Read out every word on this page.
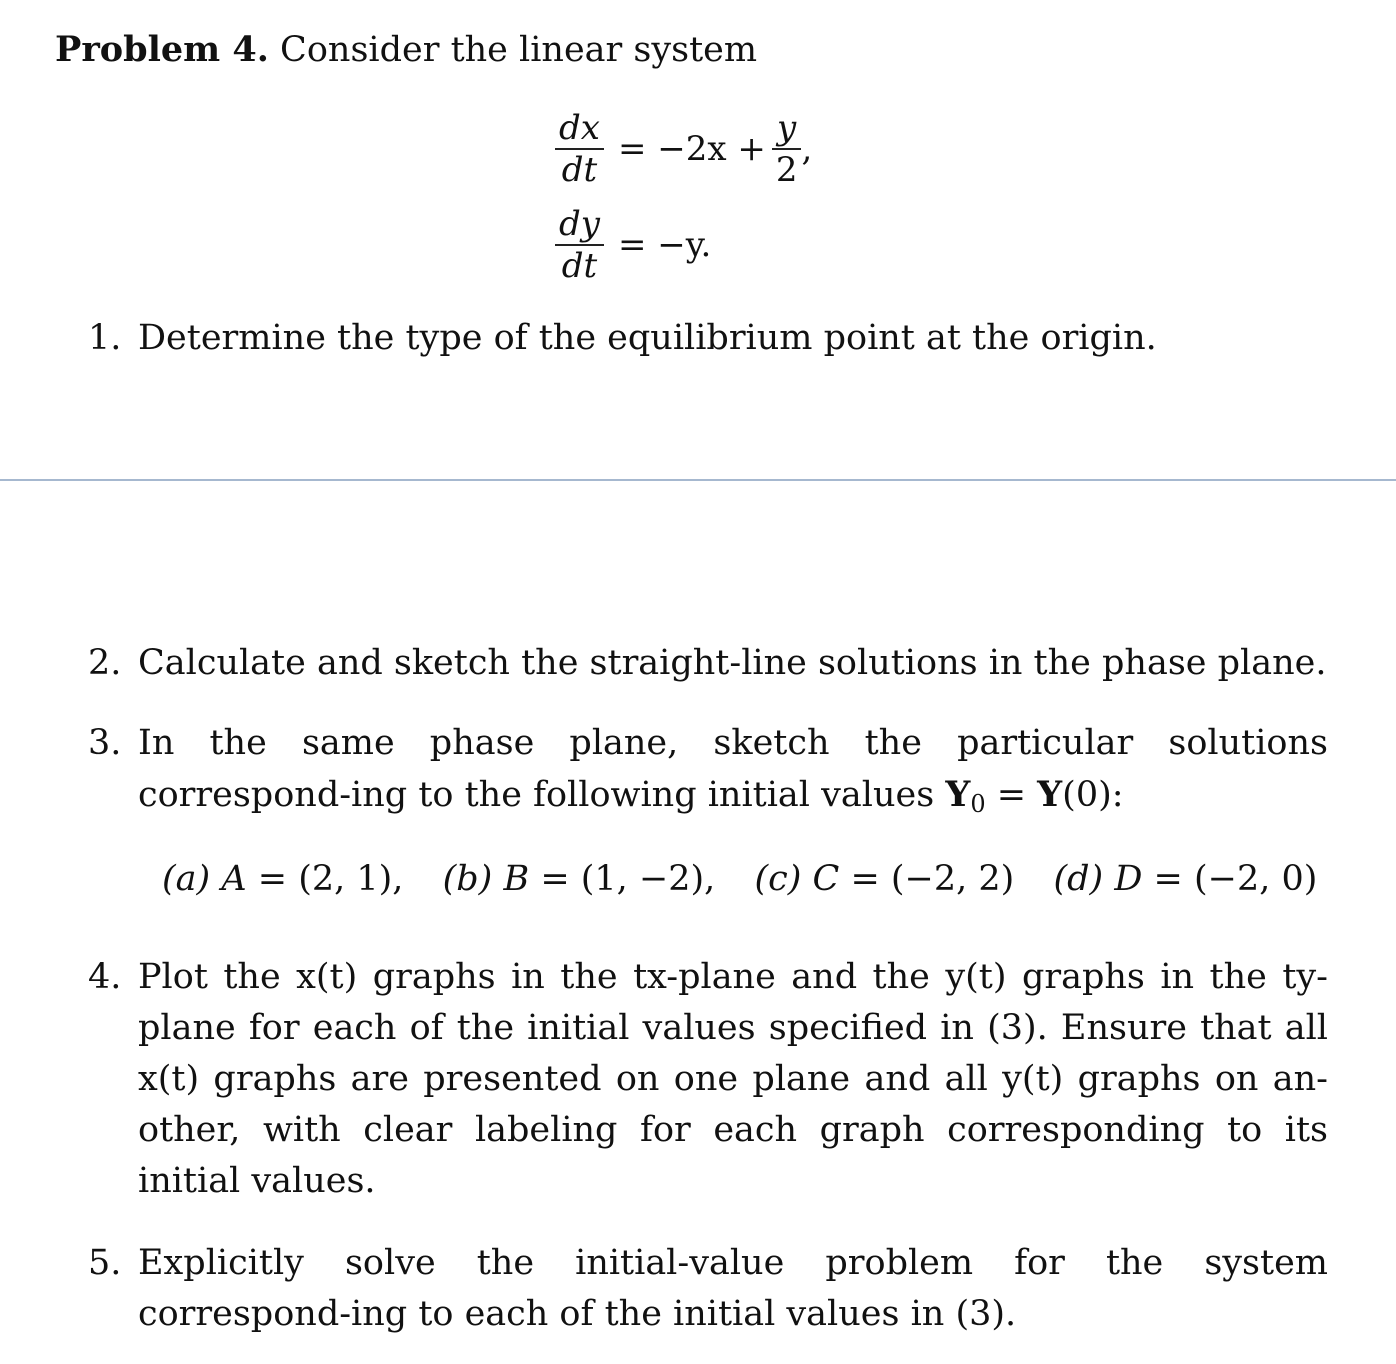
Problem 4. Consider the linear system
$\frac{dx}{dt} = -2x + \frac{y}{2}$ ,
$\frac{dy}{dt} = -y$.
1. Determine the type of the equilibrium point at the origin.
2. Calculate and sketch the straight-line solutions in the phase plane.
3. In the same phase plane, sketch the particular solutions correspond-ing to the following initial values $Y_0 = Y(0)$:
(a) A = (2, 1), (b) B = (1, −2), (c) C = (−2, 2) (d) D = (−2, 0)
4. Plot the x(t) graphs in the tx-plane and the y(t) graphs in the ty-plane for each of the initial values specified in (3). Ensure that all x(t) graphs are presented on one plane and all y(t) graphs on an-other, with clear labeling for each graph corresponding to its initial values.
5. Explicitly solve the initial-value problem for the system correspond-ing to each of the initial values in (3).
